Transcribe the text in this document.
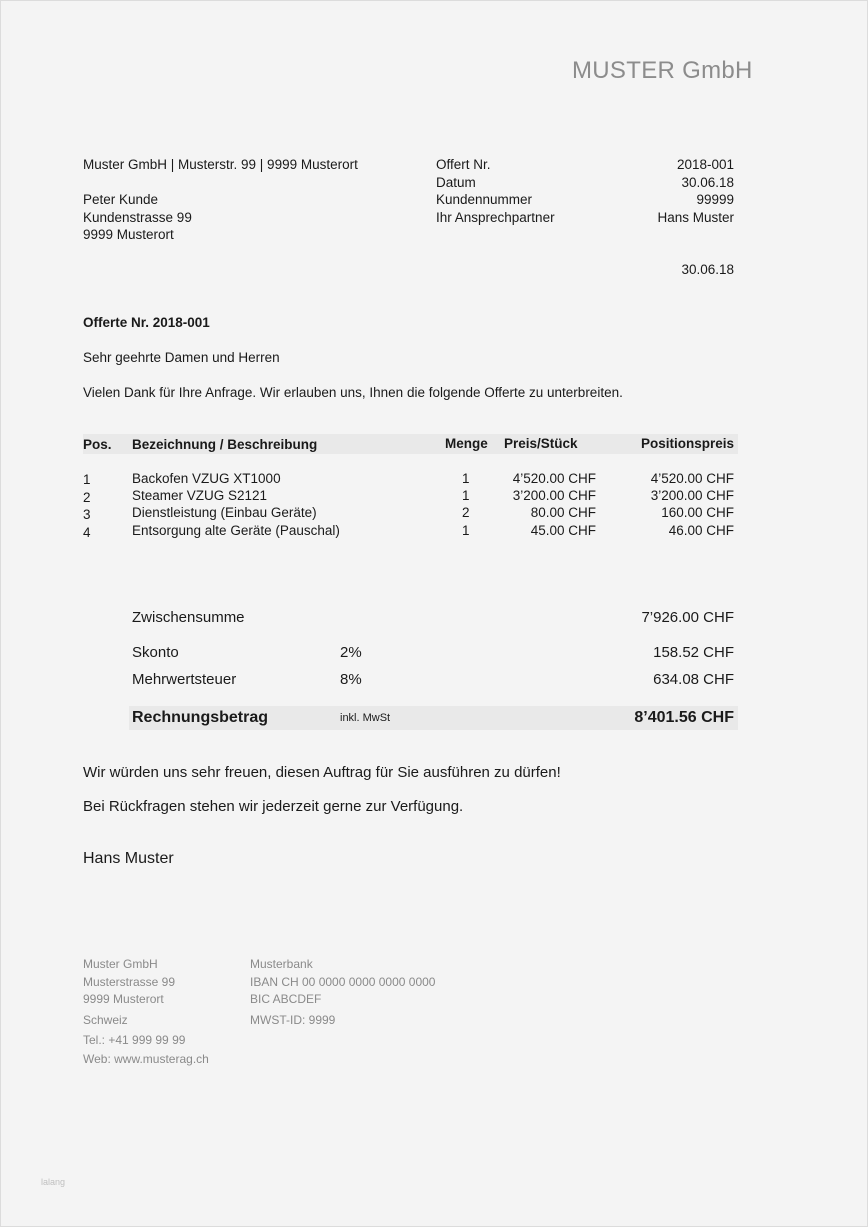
MUSTER GmbH
Muster GmbH | Musterstr. 99 | 9999 Musterort
Peter Kunde
Kundenstrasse 99
9999 Musterort
Offert Nr.	2018-001
Datum	30.06.18
Kundennummer	99999
Ihr Ansprechpartner	Hans Muster
30.06.18
Offerte Nr. 2018-001
Sehr geehrte Damen und Herren
Vielen Dank für Ihre Anfrage. Wir erlauben uns, Ihnen die folgende Offerte zu unterbreiten.
Pos. Bezeichnung / Beschreibung	Menge Preis/Stück	Positionspreis
1	Backofen VZUG XT1000	1	4’520.00 CHF	4’520.00 CHF
2	Steamer VZUG S2121	1	3’200.00 CHF	3’200.00 CHF
3	Dienstleistung (Einbau Geräte)	2	80.00 CHF	160.00 CHF
4	Entsorgung alte Geräte (Pauschal)	1	45.00 CHF	46.00 CHF
Zwischensumme	7’926.00 CHF
Skonto	2%	158.52 CHF
Mehrwertsteuer	8%	634.08 CHF
Rechnungsbetrag	inkl. MwSt	8’401.56 CHF
Wir würden uns sehr freuen, diesen Auftrag für Sie ausführen zu dürfen!
Bei Rückfragen stehen wir jederzeit gerne zur Verfügung.
Hans Muster
Muster GmbH
Musterstrasse 99
9999 Musterort
Schweiz
Tel.: +41 999 99 99
Web: www.musterag.ch
Musterbank
IBAN CH 00 0000 0000 0000 0000
BIC ABCDEF
MWST-ID: 9999
lalang
